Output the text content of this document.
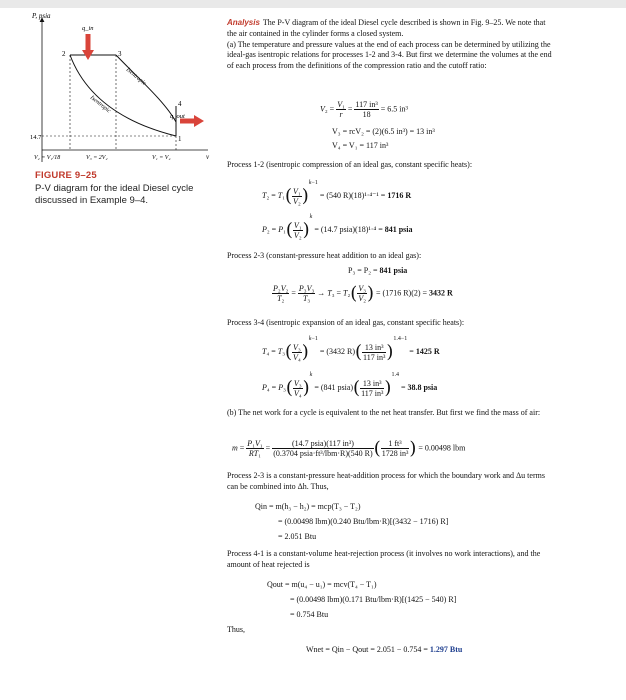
P, psia
q_in
q_out
2	3
4
1
14.7
Isentropic
Isentropic
V₂ = V₁/18	V₃ = 2V₂	V₁ = V₄	v
FIGURE 9–25
P-V diagram for the ideal Diesel cycle discussed in Example 9–4.

Analysis The P-V diagram of the ideal Diesel cycle described is shown in Fig. 9–25. We note that the air contained in the cylinder forms a closed system.

(a) The temperature and pressure values at the end of each process can be determined by utilizing the ideal-gas isentropic relations for processes 1-2 and 3-4. But first we determine the volumes at the end of each process from the definitions of the compression ratio and the cutoff ratio:

$V_2 = \frac{\text{V₁}}{r} = \frac{\text{117 in³}}{18} = 6.5$ in³
V₃ = rcV₂ = (2)(6.5 in³) = 13 in³
V₄ = V₁ = 117 in³
Process 1-2 (isentropic compression of an ideal gas, constant specific heats):
$T_2 = T_1( \frac{\text{V₁}}{\text{V₂}} )^{k-1} = (540$ R)(18)¹·⁴⁻¹ = 1716 R
$P_2 = P_1( \frac{\text{V₁}}{\text{V₂}} )^k = (14.7$ psia)(18)¹·⁴ = 841 psia
Process 2-3 (constant-pressure heat addition to an ideal gas):
P₃ = P₂ = 841 psia
$\frac{\text{P₂V₂}}{\text{T₂}} = \frac{\text{P₃V₃}}{\text{T₃}} \to T_3 = T_2( \frac{\text{V₃}}{\text{V₂}}$ ) = (1716 R)(2) = 3432 R
Process 3-4 (isentropic expansion of an ideal gas, constant specific heats):
$T_4 = T_3( \frac{\text{V₃}}{\text{V₄}} )^{k-1} = (3432$ $R)( \frac{\text{13 in³}}{\text{117 in³}} )^{1.4-1} = 1425$ R
$P_4 = P_3( \frac{\text{V₃}}{\text{V₄}} )^k = (841$ psia)( $\frac{\text{13 in³}}{\text{117 in³}} )^{1.4} = 38.8$ psia

(b) The net work for a cycle is equivalent to the net heat transfer. But first we find the mass of air:

$m = \frac{\text{P₁V₁}}{\text{RT₁}} = \frac{\text{(14.7 psia)(117 in³)}}{\text{(0.3704 psia·ft³/lbm·R)(540 R)}}$ ( $\frac{\text{1 ft³}}{\text{1728 in³}}$ ) = 0.00498 lbm

Process 2-3 is a constant-pressure heat-addition process for which the boundary work and Δu terms can be combined into Δh. Thus,

Qin = m(h₃ − h₂) = mcp(T₃ − T₂)
= (0.00498 lbm)(0.240 Btu/lbm·R)[(3432 − 1716) R]
= 2.051 Btu

Process 4-1 is a constant-volume heat-rejection process (it involves no work interactions), and the amount of heat rejected is

Qout = m(u₄ − u₁) = mcv(T₄ − T₁)
= (0.00498 lbm)(0.171 Btu/lbm·R)[(1425 − 540) R]
= 0.754 Btu
Thus,
Wnet = Qin − Qout = 2.051 − 0.754 = 1.297 Btu
